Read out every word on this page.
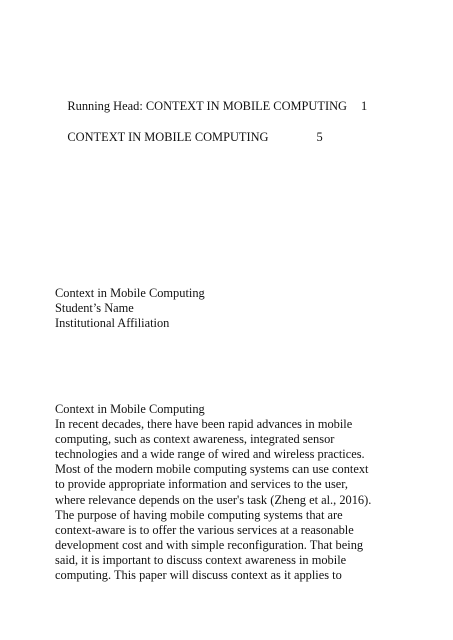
Running Head: CONTEXT IN MOBILE COMPUTING 1

CONTEXT IN MOBILE COMPUTING	5

Context in Mobile Computing
Student’s Name
Institutional Affiliation
Context in Mobile Computing
In recent decades, there have been rapid advances in mobile
computing, such as context awareness, integrated sensor
technologies and a wide range of wired and wireless practices.
Most of the modern mobile computing systems can use context
to provide appropriate information and services to the user,
where relevance depends on the user's task (Zheng et al., 2016).
The purpose of having mobile computing systems that are
context-aware is to offer the various services at a reasonable
development cost and with simple reconfiguration. That being
said, it is important to discuss context awareness in mobile
computing. This paper will discuss context as it applies to
